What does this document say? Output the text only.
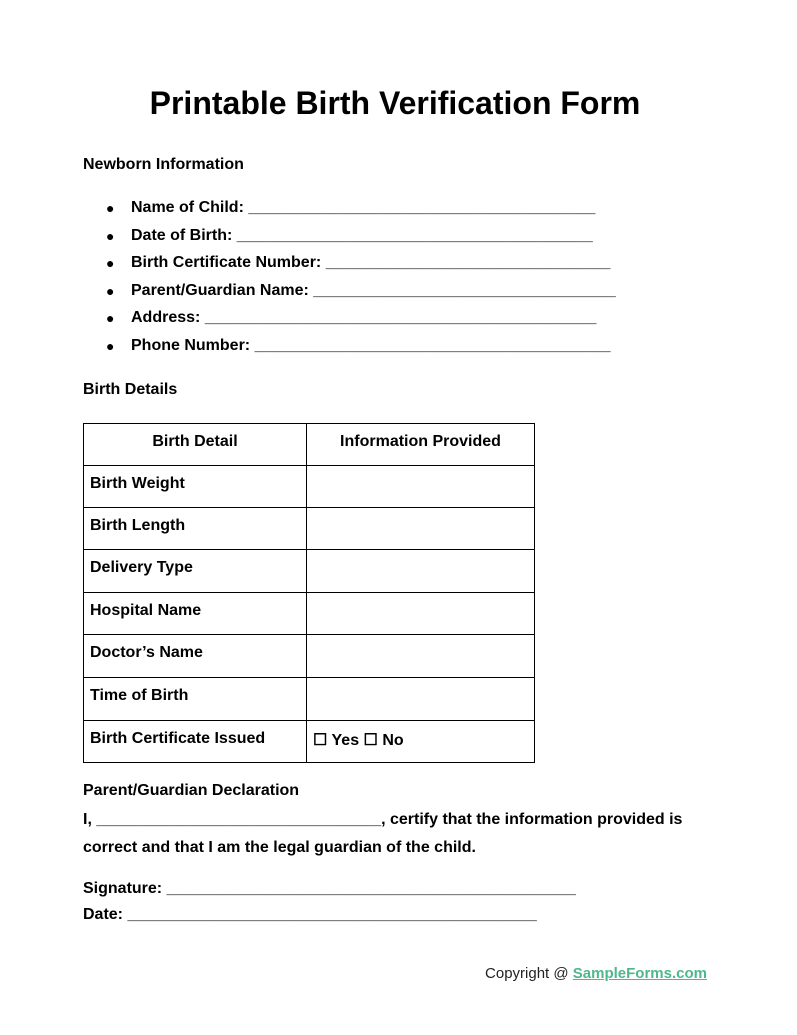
Printable Birth Verification Form
Newborn Information
● Name of Child: _______________________________________
● Date of Birth: ________________________________________
● Birth Certificate Number: ________________________________
● Parent/Guardian Name: __________________________________
● Address: ____________________________________________
● Phone Number: ________________________________________
Birth Details
Birth Detail	Information Provided
Birth Weight	
Birth Length	
Delivery Type	
Hospital Name	
Doctor’s Name	
Time of Birth	
Birth Certificate Issued	☐ Yes ☐ No
Parent/Guardian Declaration

I, ________________________________, certify that the information provided is correct and that I am the legal guardian of the child.

Signature: ______________________________________________

Date: ______________________________________________

Copyright @ SampleForms.com
